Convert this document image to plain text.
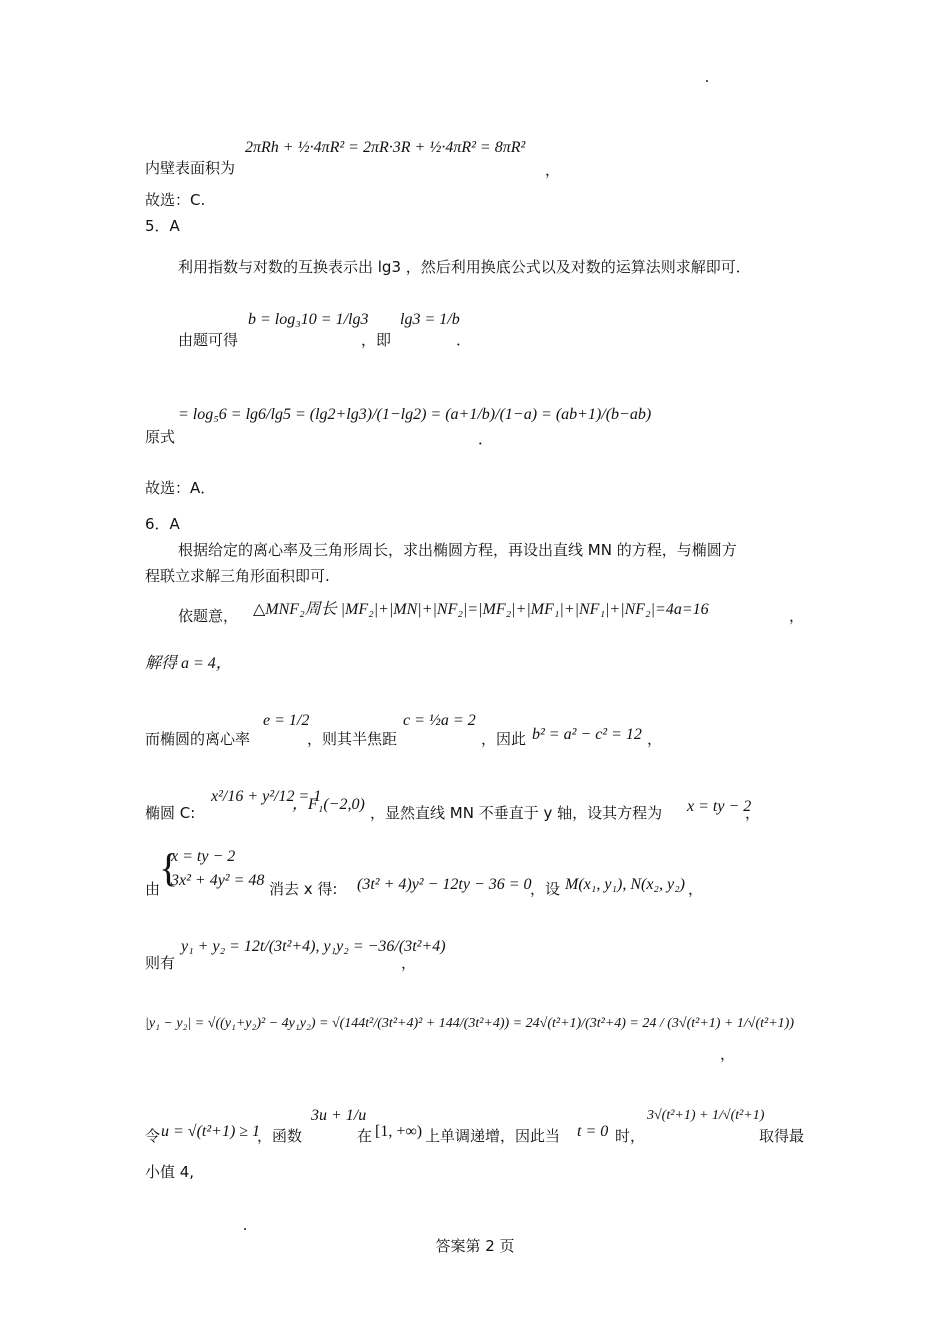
内壁表面积为
2πRh + ½·4πR² = 2πR·3R + ½·4πR² = 8πR²
，
故选：C.
5．A
利用指数与对数的互换表示出 lg3 ，然后利用换底公式以及对数的运算法则求解即可．
由题可得
b = log₃10 = 1/lg3
，即
lg3 = 1/b
．
原式
= log₅6 = lg6/lg5 = (lg2+lg3)/(1−lg2) = (a+1/b)/(1−a) = (ab+1)/(b−ab)
．
故选：A．
6．A
根据给定的离心率及三角形周长，求出椭圆方程，再设出直线 MN 的方程，与椭圆方
程联立求解三角形面积即可.
依题意， △MNF₂周长 |MF₂|+|MN|+|NF₂|=|MF₂|+|MF₁|+|NF₁|+|NF₂|=4a=16	，
解得 a = 4，
而椭圆的离心率
e = 1/2
，则其半焦距
c = ½a = 2
，因此 b² = a² − c² = 12 ，
椭圆 C:
x²/16 + y²/12 = 1
，F₁(−2,0) ，显然直线 MN 不垂直于 y 轴，设其方程为 x = ty − 2
，
由
{
x = ty − 2
3x² + 4y² = 48 消去 x 得: (3t² + 4)y² − 12ty − 36 = 0
，设 M(x₁, y₁), N(x₂, y₂) ，
则有
y₁ + y₂ = 12t/(3t²+4), y₁y₂ = −36/(3t²+4)
，
|y₁ − y₂| = √((y₁+y₂)² − 4y₁y₂) = √(144t²/(3t²+4)² + 144/(3t²+4)) = 24√(t²+1)/(3t²+4) = 24 / (3√(t²+1) + 1/√(t²+1))
，
令 u = √(t²+1) ≥ 1
，函数
3u + 1/u
在 [1, +∞) 上单调递增，因此当 t = 0 时，
3√(t²+1) + 1/√(t²+1)
取得最
小值 4,
答案第 2 页
